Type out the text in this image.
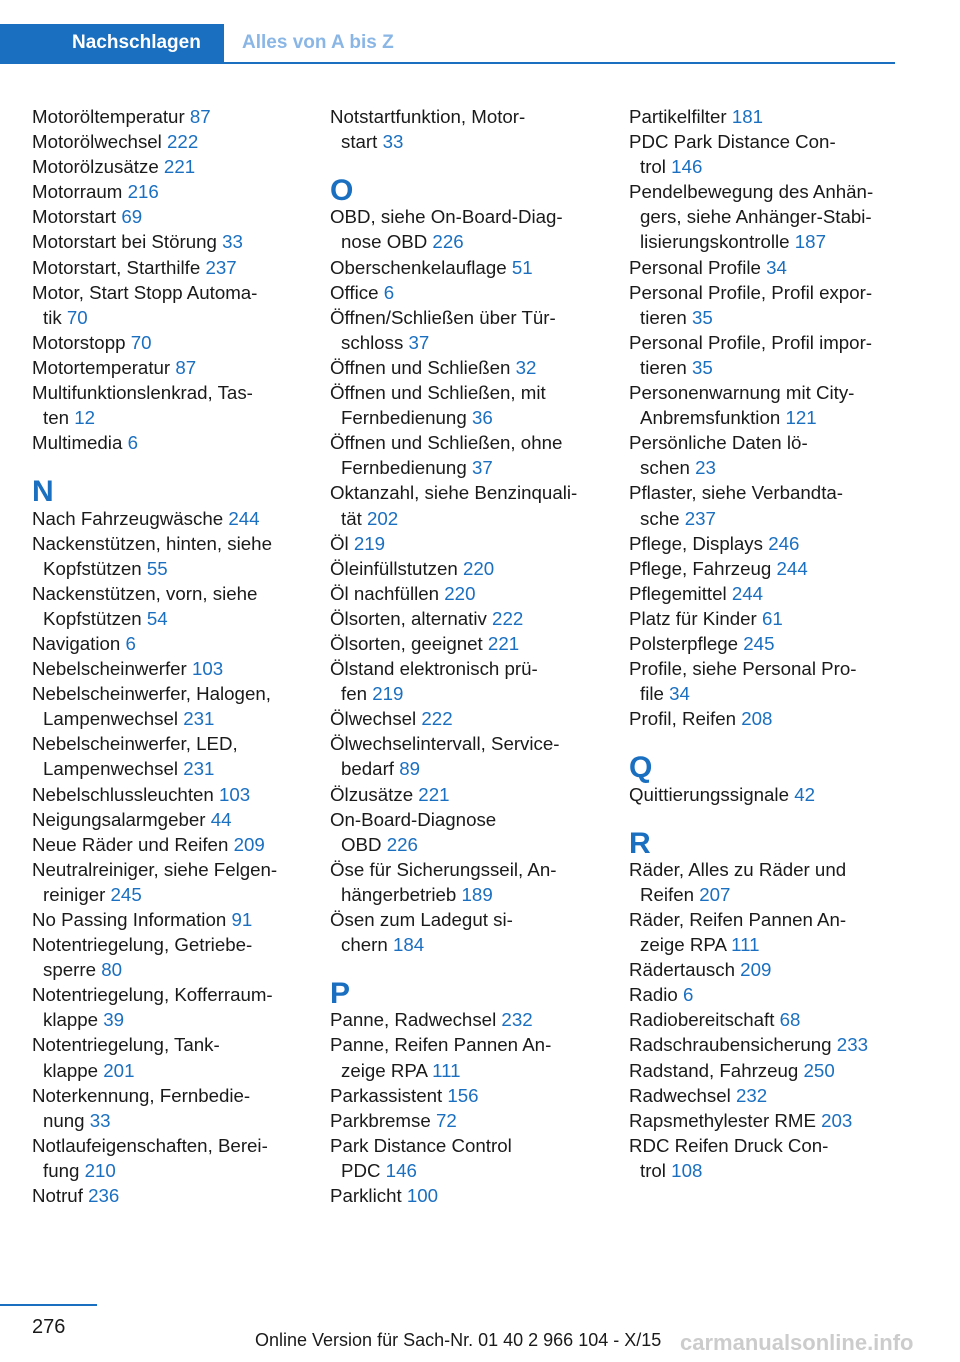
Nachschlagen	Alles von A bis Z
Motoröltemperatur 87
Motorölwechsel 222
Motorölzusätze 221
Motorraum 216
Motorstart 69
Motorstart bei Störung 33
Motorstart, Starthilfe 237
Motor, Start Stopp Automa-
tik 70
Motorstopp 70
Motortemperatur 87
Multifunktionslenkrad, Tas-
ten 12
Multimedia 6
N
Nach Fahrzeugwäsche 244
Nackenstützen, hinten, siehe
Kopfstützen 55
Nackenstützen, vorn, siehe
Kopfstützen 54
Navigation 6
Nebelscheinwerfer 103
Nebelscheinwerfer, Halogen,
Lampenwechsel 231
Nebelscheinwerfer, LED,
Lampenwechsel 231
Nebelschlussleuchten 103
Neigungsalarmgeber 44
Neue Räder und Reifen 209
Neutralreiniger, siehe Felgen-
reiniger 245
No Passing Information 91
Notentriegelung, Getriebe-
sperre 80
Notentriegelung, Kofferraum-
klappe 39
Notentriegelung, Tank-
klappe 201
Noterkennung, Fernbedie-
nung 33
Notlaufeigenschaften, Berei-
fung 210
Notruf 236
Notstartfunktion, Motor-
start 33
O
OBD, siehe On-Board-Diag-
nose OBD 226
Oberschenkelauflage 51
Office 6
Öffnen/Schließen über Tür-
schloss 37
Öffnen und Schließen 32
Öffnen und Schließen, mit
Fernbedienung 36
Öffnen und Schließen, ohne
Fernbedienung 37
Oktanzahl, siehe Benzinquali-
tät 202
Öl 219
Öleinfüllstutzen 220
Öl nachfüllen 220
Ölsorten, alternativ 222
Ölsorten, geeignet 221
Ölstand elektronisch prü-
fen 219
Ölwechsel 222
Ölwechselintervall, Service-
bedarf 89
Ölzusätze 221
On-Board-Diagnose
OBD 226
Öse für Sicherungsseil, An-
hängerbetrieb 189
Ösen zum Ladegut si-
chern 184
P
Panne, Radwechsel 232
Panne, Reifen Pannen An-
zeige RPA 111
Parkassistent 156
Parkbremse 72
Park Distance Control
PDC 146
Parklicht 100
Partikelfilter 181
PDC Park Distance Con-
trol 146
Pendelbewegung des Anhän-
gers, siehe Anhänger-Stabi-
lisierungskontrolle 187
Personal Profile 34
Personal Profile, Profil expor-
tieren 35
Personal Profile, Profil impor-
tieren 35
Personenwarnung mit City-
Anbremsfunktion 121
Persönliche Daten lö-
schen 23
Pflaster, siehe Verbandta-
sche 237
Pflege, Displays 246
Pflege, Fahrzeug 244
Pflegemittel 244
Platz für Kinder 61
Polsterpflege 245
Profile, siehe Personal Pro-
file 34
Profil, Reifen 208
Q
Quittierungssignale 42
R
Räder, Alles zu Räder und
Reifen 207
Räder, Reifen Pannen An-
zeige RPA 111
Rädertausch 209
Radio 6
Radiobereitschaft 68
Radschraubensicherung 233
Radstand, Fahrzeug 250
Radwechsel 232
Rapsmethylester RME 203
RDC Reifen Druck Con-
trol 108
276
Online Version für Sach-Nr. 01 40 2 966 104 - X/15 carmanualsonline.info
